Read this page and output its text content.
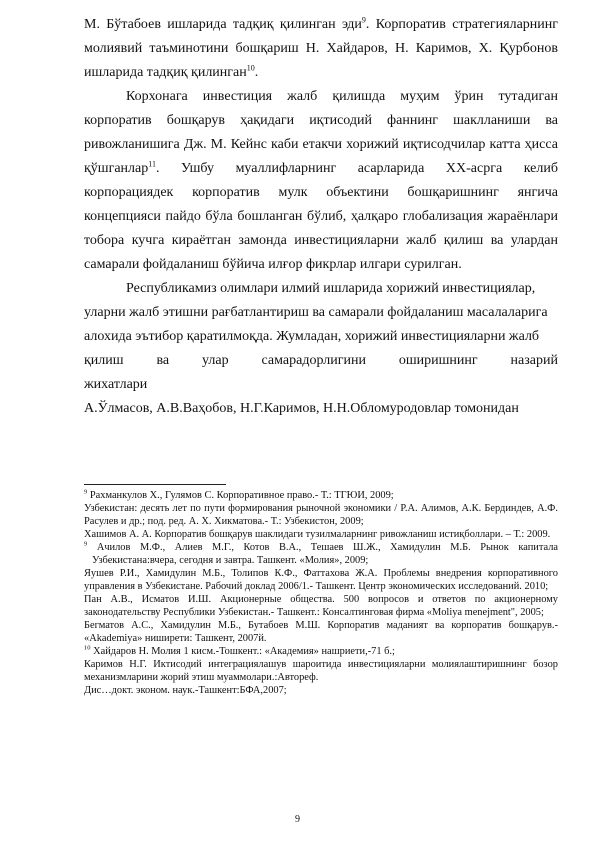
М. Бўтабоев ишларида тадқиқ қилинган эди$^9$. Корпоратив стратегияларнинг молиявий таъминотини бошқариш Н. Хайдаров, Н. Каримов, Х. Қурбонов ишларида тадқиқ қилинган$^{10}$.

Корхонага инвестиция жалб қилишда муҳим ўрин тутадиган корпоратив бошқарув ҳақидаги иқтисодий фаннинг шаклланиши ва ривожланишига Дж. М. Кейнс каби етакчи хорижий иқтисодчилар катта ҳисса қўшганлар$^{11}$. Ушбу муаллифларнинг асарларида XX-асрга келиб корпорациядек корпоратив мулк объектини бошқаришнинг янгича концепцияси пайдо бўла бошланган бўлиб, ҳалқаро глобализация жараёнлари тобора кучга кираётган замонда инвестицияларни жалб қилиш ва улардан самарали фойдаланиш бўйича илғор фикрлар илгари сурилган.

Республикамиз олимлари илмий ишларида хорижий инвестициялар,

уларни жалб этишни рағбатлантириш ва самарали фойдаланиш масалаларига

алохида эътибор қаратилмоқда. Жумладан, хорижий инвестицияларни жалб

қилиш ва улар самарадорлигини оширишнинг назарий

жихатлари

А.Ўлмасов, А.В.Ваҳобов, Н.Г.Каримов, Н.Н.Обломуродовлар томонидан

$^9$ Рахманкулов Х., Гулямов С. Корпоративное право.- Т.: ТГЮИ, 2009;

Узбекистан: десять лет по пути формирования рыночной экономики / Р.А. Алимов, А.К. Бердиндев, А.Ф. Расулев и др.; под. ред. А. Х. Хикматова.- Т.: Узбекистон, 2009;

Хашимов А. А. Корпоратив бошқарув шаклидаги тузилмаларнинг ривожланиш истиқболлари. – Т.: 2009.

$^9$ Ачилов М.Ф., Алиев М.Г., Котов В.А., Тешаев Ш.Ж., Хамидулин М.Б. Рынок капитала Узбекистана:вчера, сегодня и завтра. Ташкент. «Молия», 2009;

Яушев Р.И., Хамидулин М.Б., Толипов К.Ф., Фаттахова Ж.А. Проблемы внедрения корпоративного управления в Узбекистане. Рабочий доклад 2006/1.- Ташкент. Центр экономических исследований. 2010;

Пан А.В., Исматов И.Ш. Акционерные общества. 500 вопросов и ответов по акционерному законодательству Республики Узбекистан.- Ташкент.: Консалтинговая фирма «Moliya menejment", 2005;

Бегматов А.С., Хамидулин М.Б., Бутабоев М.Ш. Корпоратив маданият ва корпоратив бошқарув.- «Akademiya» ниширети: Ташкент, 2007й.

$^{10}$ Хайдаров Н. Молия 1 кисм.-Тошкент.: «Академия» нашриети,-71 б.;

Каримов Н.Г. Иктисодий интеграциялашув шароитида инвестицияларни молиялаштиришнинг бозор механизмларини жорий этиш муаммолари.:Автореф.

Дис…докт. эконом. наук.-Ташкент:БФА,2007;

9
